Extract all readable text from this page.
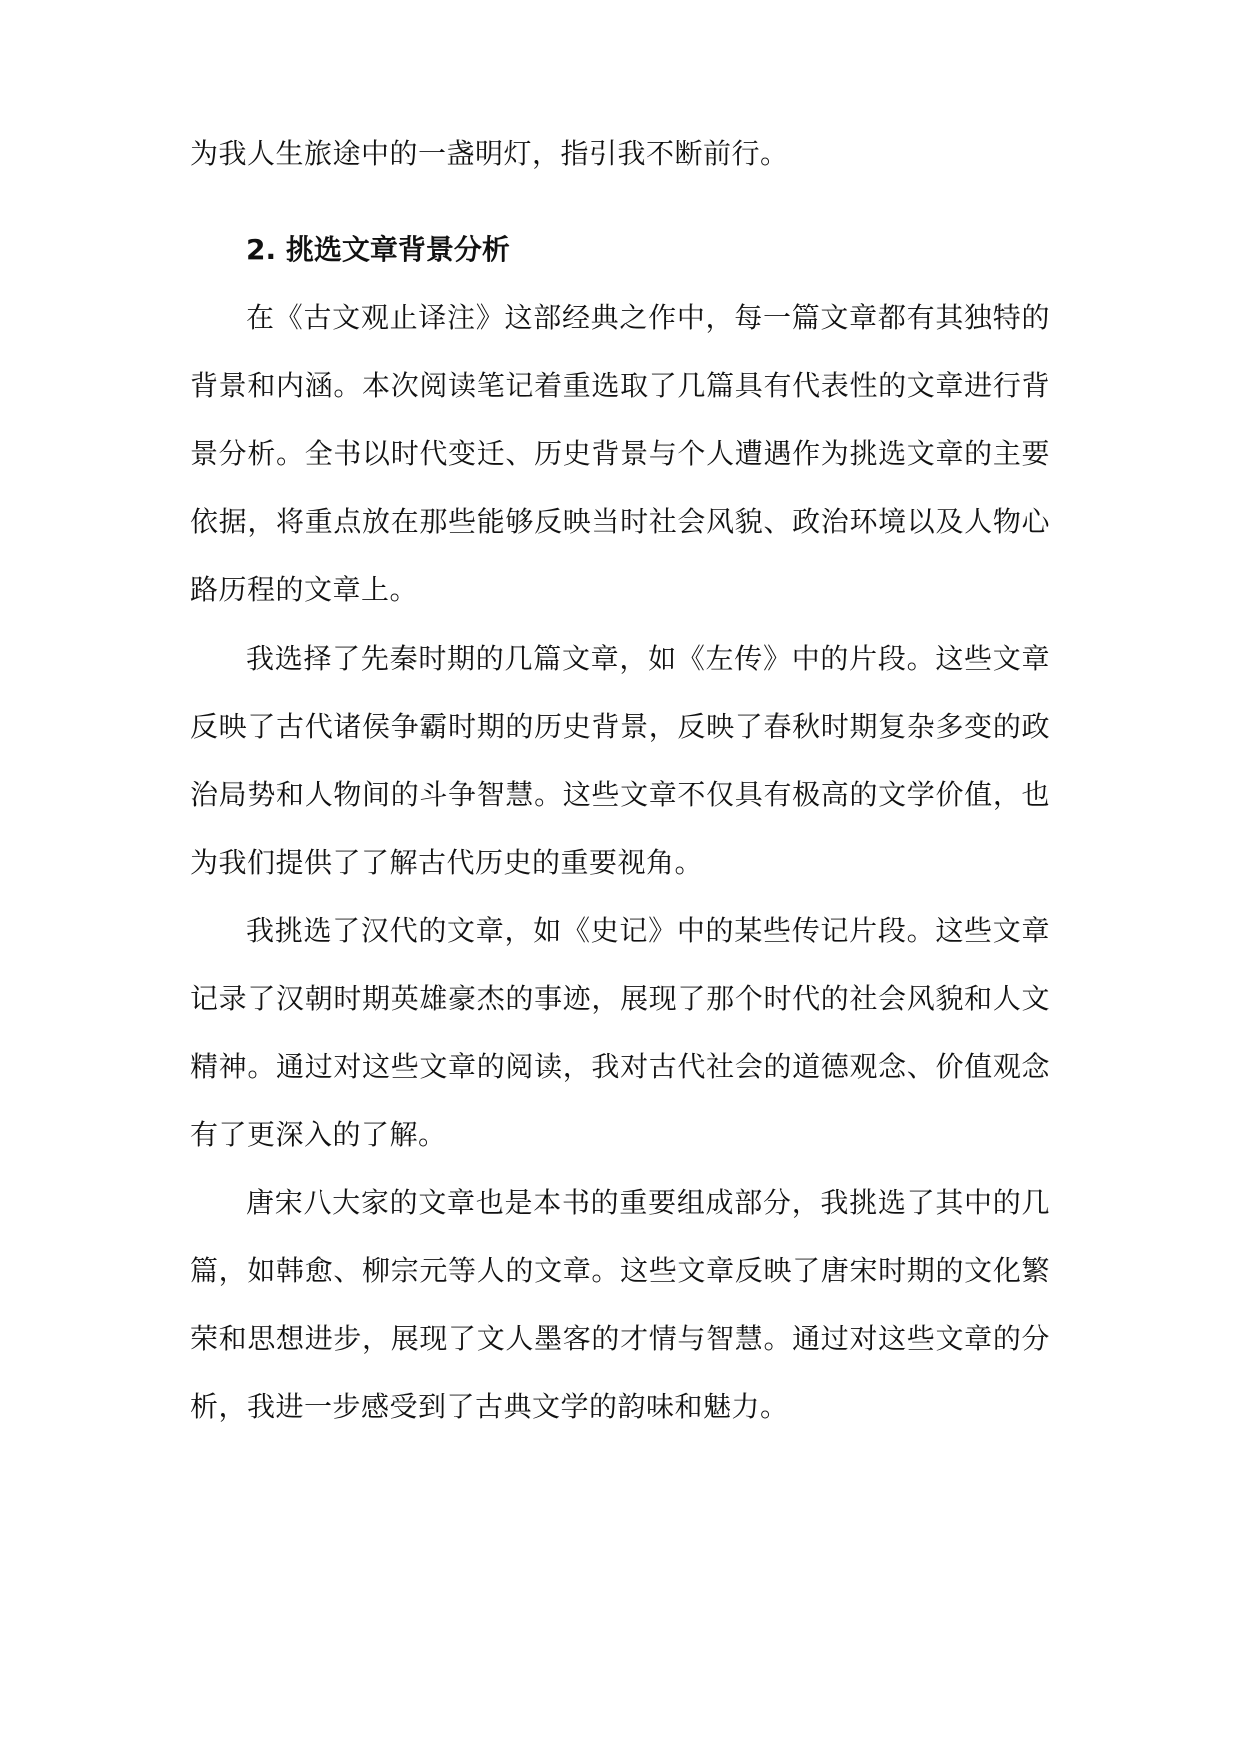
为我人生旅途中的一盏明灯，指引我不断前行。
2. 挑选文章背景分析
在《古文观止译注》这部经典之作中，每一篇文章都有其独特的
背景和内涵。本次阅读笔记着重选取了几篇具有代表性的文章进行背
景分析。全书以时代变迁、历史背景与个人遭遇作为挑选文章的主要
依据，将重点放在那些能够反映当时社会风貌、政治环境以及人物心
路历程的文章上。
我选择了先秦时期的几篇文章，如《左传》中的片段。这些文章
反映了古代诸侯争霸时期的历史背景，反映了春秋时期复杂多变的政
治局势和人物间的斗争智慧。这些文章不仅具有极高的文学价值，也
为我们提供了了解古代历史的重要视角。
我挑选了汉代的文章，如《史记》中的某些传记片段。这些文章
记录了汉朝时期英雄豪杰的事迹，展现了那个时代的社会风貌和人文
精神。通过对这些文章的阅读，我对古代社会的道德观念、价值观念
有了更深入的了解。
唐宋八大家的文章也是本书的重要组成部分，我挑选了其中的几
篇，如韩愈、柳宗元等人的文章。这些文章反映了唐宋时期的文化繁
荣和思想进步，展现了文人墨客的才情与智慧。通过对这些文章的分
析，我进一步感受到了古典文学的韵味和魅力。
